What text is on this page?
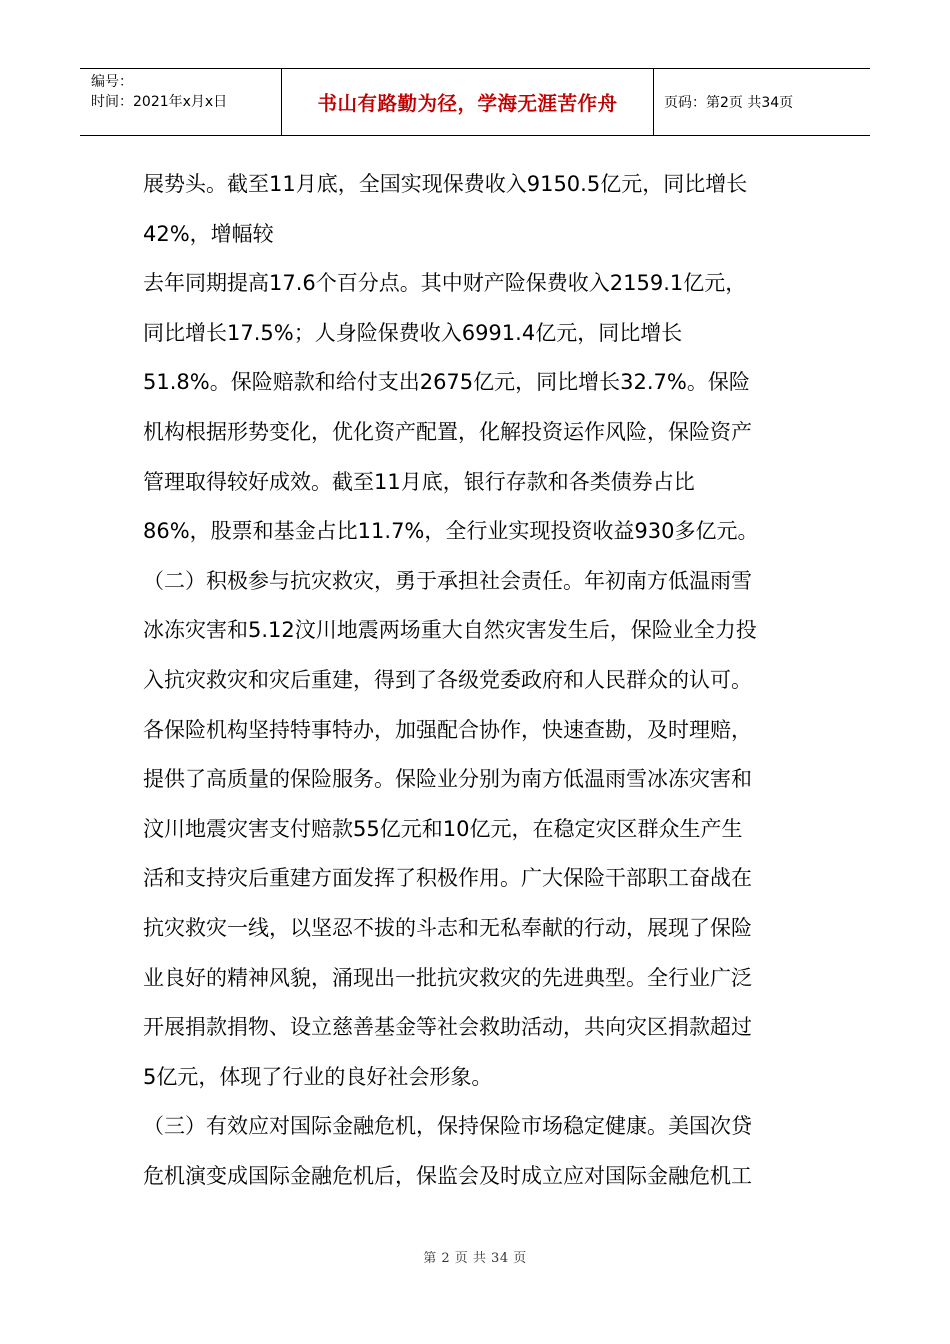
编号：
时间：2021年x月x日	书山有路勤为径，学海无涯苦作舟	页码：第2页 共34页
展势头。截至11月底，全国实现保费收入9150.5亿元，同比增长
42%，增幅较
去年同期提高17.6个百分点。其中财产险保费收入2159.1亿元，
同比增长17.5%；人身险保费收入6991.4亿元，同比增长
51.8%。保险赔款和给付支出2675亿元，同比增长32.7%。保险
机构根据形势变化，优化资产配置，化解投资运作风险，保险资产
管理取得较好成效。截至11月底，银行存款和各类债券占比
86%，股票和基金占比11.7%，全行业实现投资收益930多亿元。
（二）积极参与抗灾救灾，勇于承担社会责任。年初南方低温雨雪
冰冻灾害和5.12汶川地震两场重大自然灾害发生后，保险业全力投
入抗灾救灾和灾后重建，得到了各级党委政府和人民群众的认可。
各保险机构坚持特事特办，加强配合协作，快速查勘，及时理赔，
提供了高质量的保险服务。保险业分别为南方低温雨雪冰冻灾害和
汶川地震灾害支付赔款55亿元和10亿元，在稳定灾区群众生产生
活和支持灾后重建方面发挥了积极作用。广大保险干部职工奋战在
抗灾救灾一线，以坚忍不拔的斗志和无私奉献的行动，展现了保险
业良好的精神风貌，涌现出一批抗灾救灾的先进典型。全行业广泛
开展捐款捐物、设立慈善基金等社会救助活动，共向灾区捐款超过
5亿元，体现了行业的良好社会形象。
（三）有效应对国际金融危机，保持保险市场稳定健康。美国次贷
危机演变成国际金融危机后，保监会及时成立应对国际金融危机工
第 2 页 共 34 页
